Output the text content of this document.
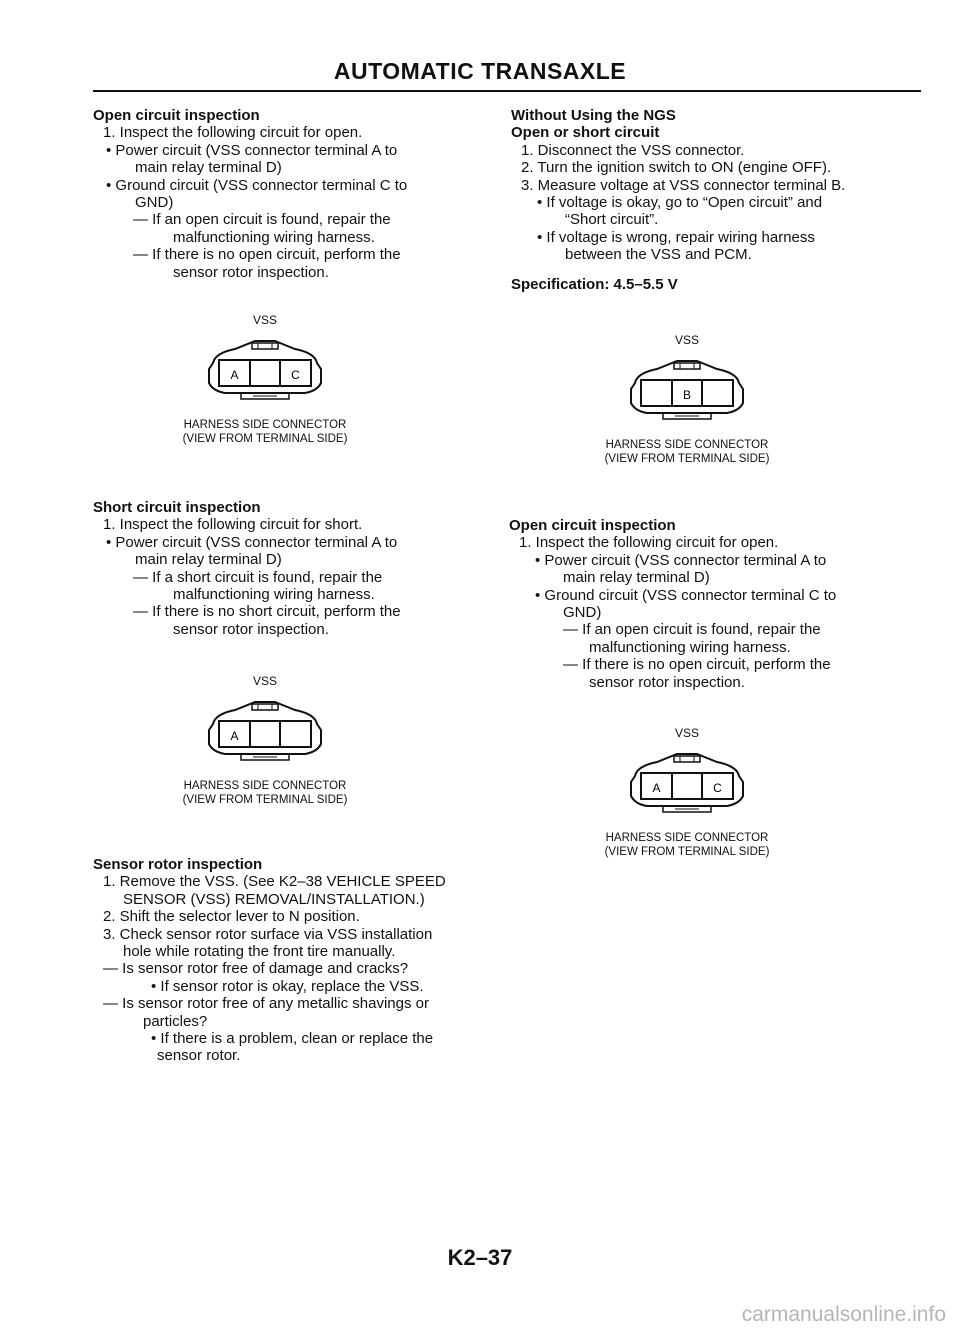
AUTOMATIC TRANSAXLE

Open circuit inspection

1. Inspect the following circuit for open.

• Power circuit (VSS connector terminal A to

main relay terminal D)

• Ground circuit (VSS connector terminal C to

GND)

— If an open circuit is found, repair the

malfunctioning wiring harness.

— If there is no open circuit, perform the

sensor rotor inspection.

VSS
A	C
HARNESS SIDE CONNECTOR
(VIEW FROM TERMINAL SIDE)

Short circuit inspection

1. Inspect the following circuit for short.

• Power circuit (VSS connector terminal A to

main relay terminal D)

— If a short circuit is found, repair the

malfunctioning wiring harness.

— If there is no short circuit, perform the

sensor rotor inspection.

VSS
A
HARNESS SIDE CONNECTOR
(VIEW FROM TERMINAL SIDE)

Sensor rotor inspection

1. Remove the VSS. (See K2–38 VEHICLE SPEED

SENSOR (VSS) REMOVAL/INSTALLATION.)

2. Shift the selector lever to N position.

3. Check sensor rotor surface via VSS installation

hole while rotating the front tire manually.

— Is sensor rotor free of damage and cracks?

• If sensor rotor is okay, replace the VSS.

— Is sensor rotor free of any metallic shavings or

particles?

• If there is a problem, clean or replace the

sensor rotor.

Without Using the NGS

Open or short circuit

1. Disconnect the VSS connector.

2. Turn the ignition switch to ON (engine OFF).

3. Measure voltage at VSS connector terminal B.

• If voltage is okay, go to “Open circuit” and

“Short circuit”.

• If voltage is wrong, repair wiring harness

between the VSS and PCM.

Specification: 4.5–5.5 V

VSS
B
HARNESS SIDE CONNECTOR
(VIEW FROM TERMINAL SIDE)

Open circuit inspection

1. Inspect the following circuit for open.

• Power circuit (VSS connector terminal A to

main relay terminal D)

• Ground circuit (VSS connector terminal C to

GND)

— If an open circuit is found, repair the

malfunctioning wiring harness.

— If there is no open circuit, perform the

sensor rotor inspection.

VSS
A	C
HARNESS SIDE CONNECTOR
(VIEW FROM TERMINAL SIDE)
K2–37
carmanualsonline.info
